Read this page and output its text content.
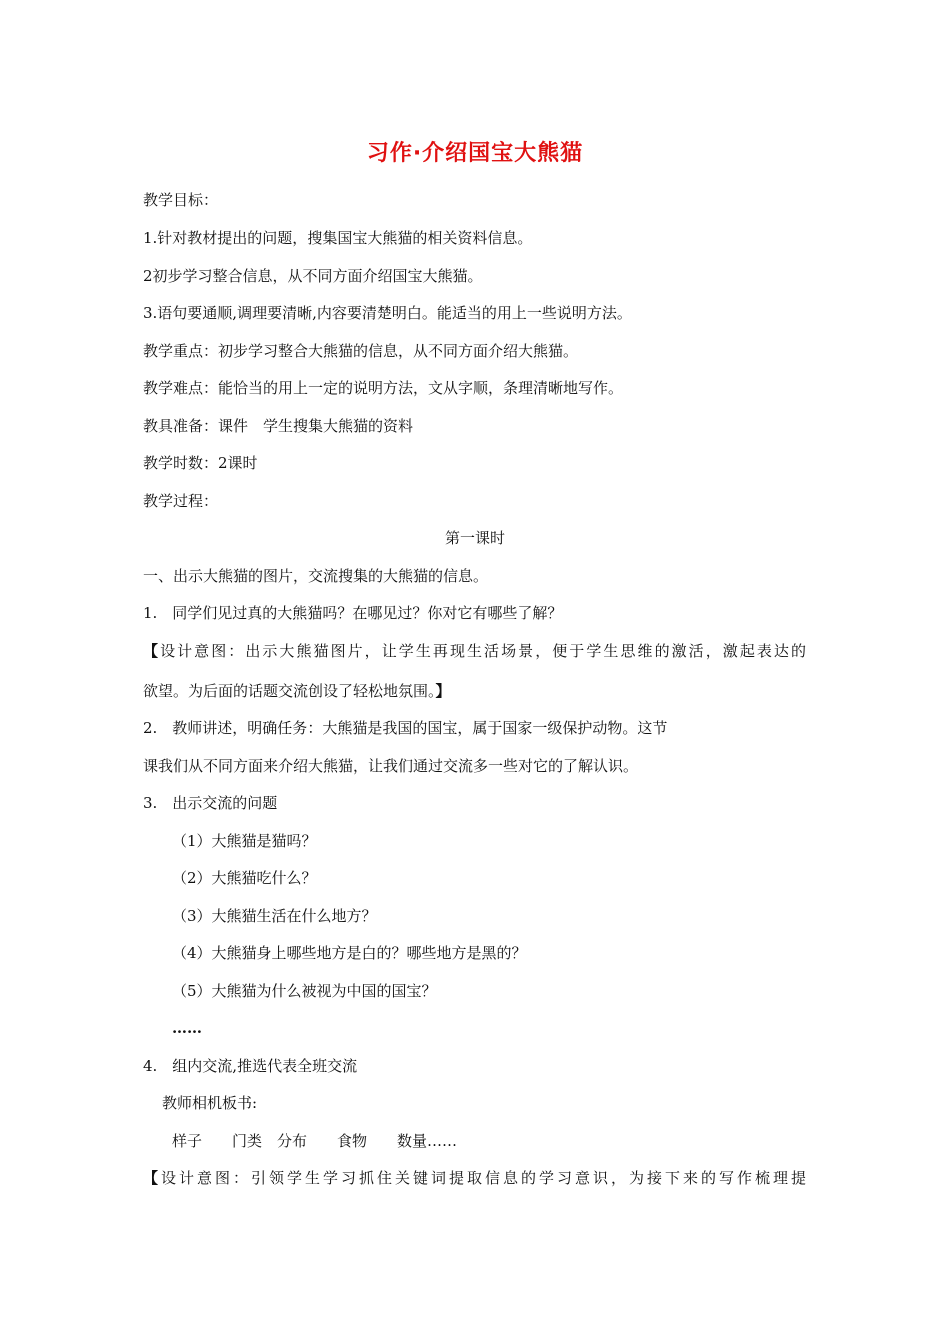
习作·介绍国宝大熊猫
教学目标：
1.针对教材提出的问题，搜集国宝大熊猫的相关资料信息。
2初步学习整合信息，从不同方面介绍国宝大熊猫。
3.语句要通顺,调理要清晰,内容要清楚明白。能适当的用上一些说明方法。
教学重点：初步学习整合大熊猫的信息，从不同方面介绍大熊猫。
教学难点：能恰当的用上一定的说明方法，文从字顺，条理清晰地写作。
教具准备：课件　学生搜集大熊猫的资料
教学时数：2课时
教学过程：
第一课时
一、出示大熊猫的图片，交流搜集的大熊猫的信息。
1.　同学们见过真的大熊猫吗？在哪见过？你对它有哪些了解？
【设计意图：出示大熊猫图片，让学生再现生活场景，便于学生思维的激活，激起表达的
欲望。为后面的话题交流创设了轻松地氛围。】
2.　教师讲述，明确任务：大熊猫是我国的国宝，属于国家一级保护动物。这节
课我们从不同方面来介绍大熊猫，让我们通过交流多一些对它的了解认识。
3.　出示交流的问题
（1）大熊猫是猫吗？
（2）大熊猫吃什么？
（3）大熊猫生活在什么地方？
（4）大熊猫身上哪些地方是白的？哪些地方是黑的？
（5）大熊猫为什么被视为中国的国宝？
……
4.　组内交流,推选代表全班交流
教师相机板书:
样子　　门类　分布　　食物　　数量……
【设计意图：引领学生学习抓住关键词提取信息的学习意识，为接下来的写作梳理提
